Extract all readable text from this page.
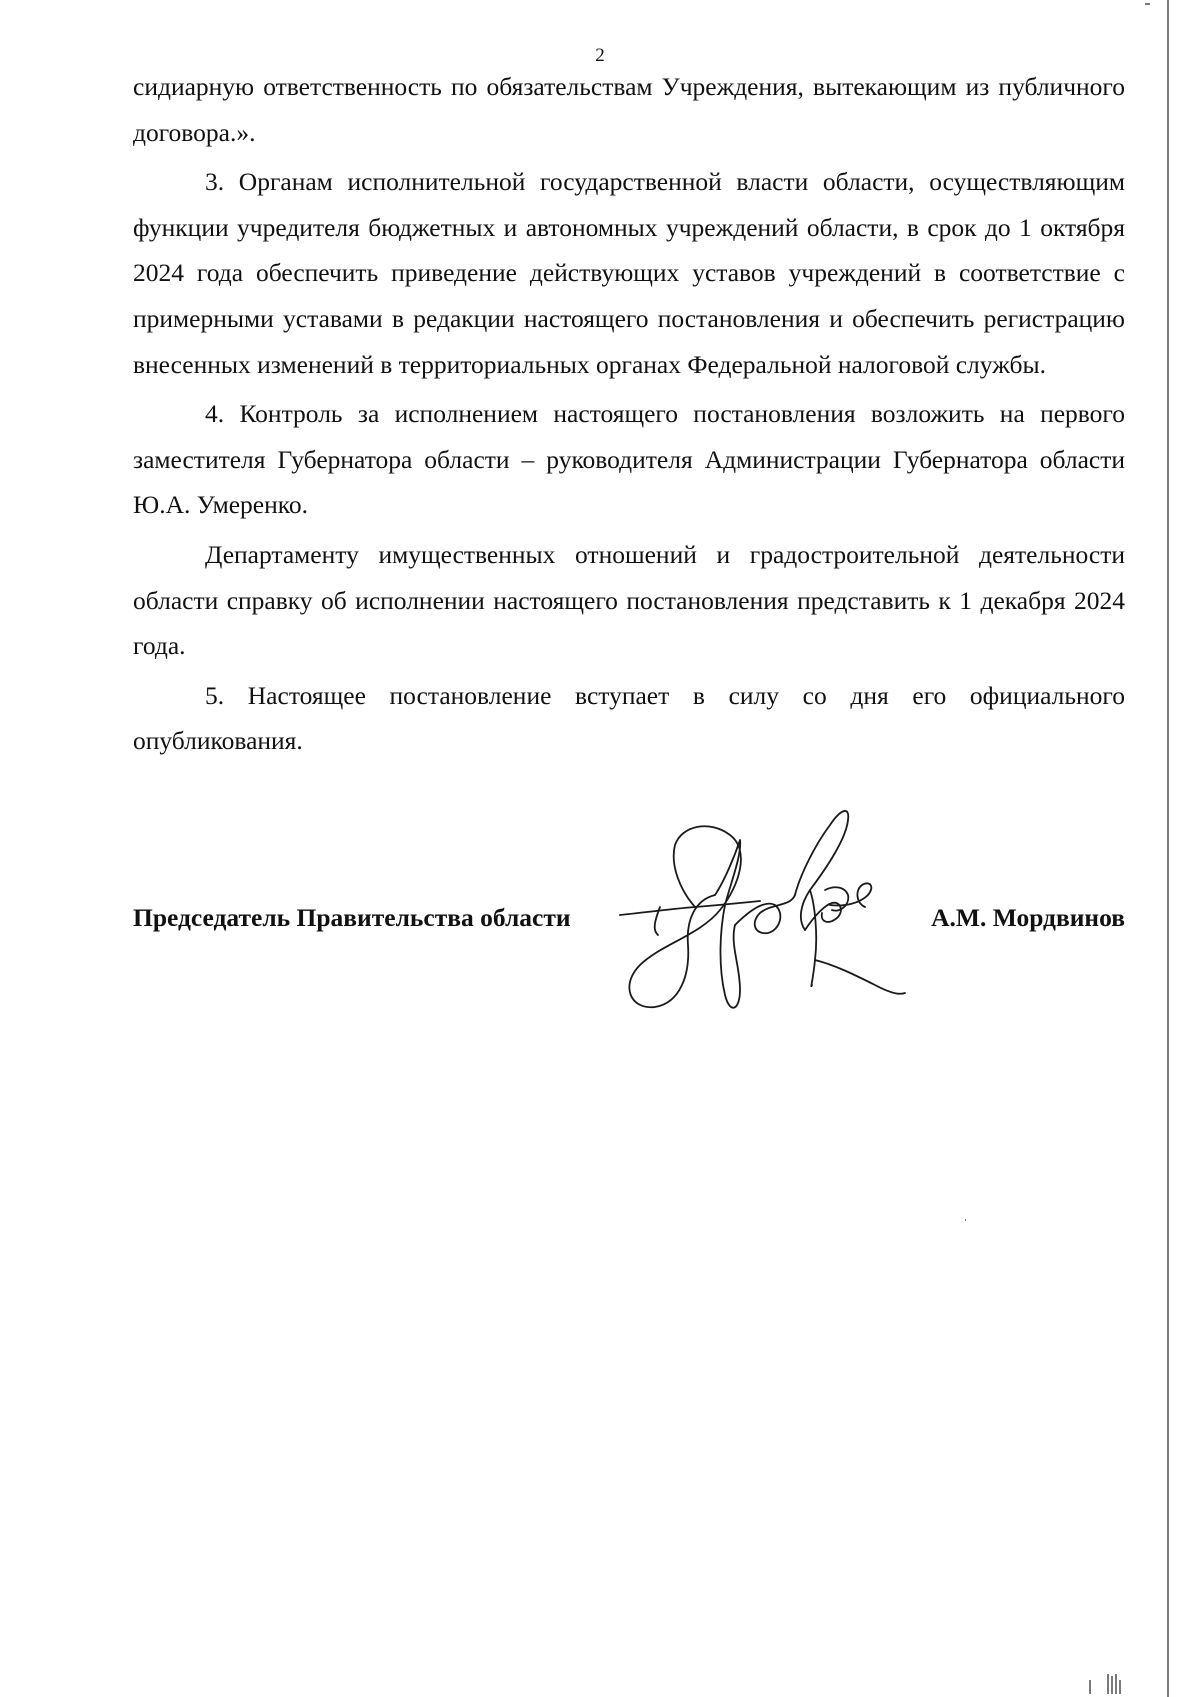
2

сидиарную ответственность по обязательствам Учреждения, вытекающим из публичного договора.».

3. Органам исполнительной государственной власти области, осуществляющим функции учредителя бюджетных и автономных учреждений области, в срок до 1 октября 2024 года обеспечить приведение действующих уставов учреждений в соответствие с примерными уставами в редакции настоящего постановления и обеспечить регистрацию внесенных изменений в территориальных органах Федеральной налоговой службы.

4. Контроль за исполнением настоящего постановления возложить на первого заместителя Губернатора области – руководителя Администрации Губернатора области Ю.А. Умеренко.

Департаменту имущественных отношений и градостроительной деятельности области справку об исполнении настоящего постановления представить к 1 декабря 2024 года.

5. Настоящее постановление вступает в силу со дня его официального опубликования.

Председатель Правительства области	А.М. Мордвинов
